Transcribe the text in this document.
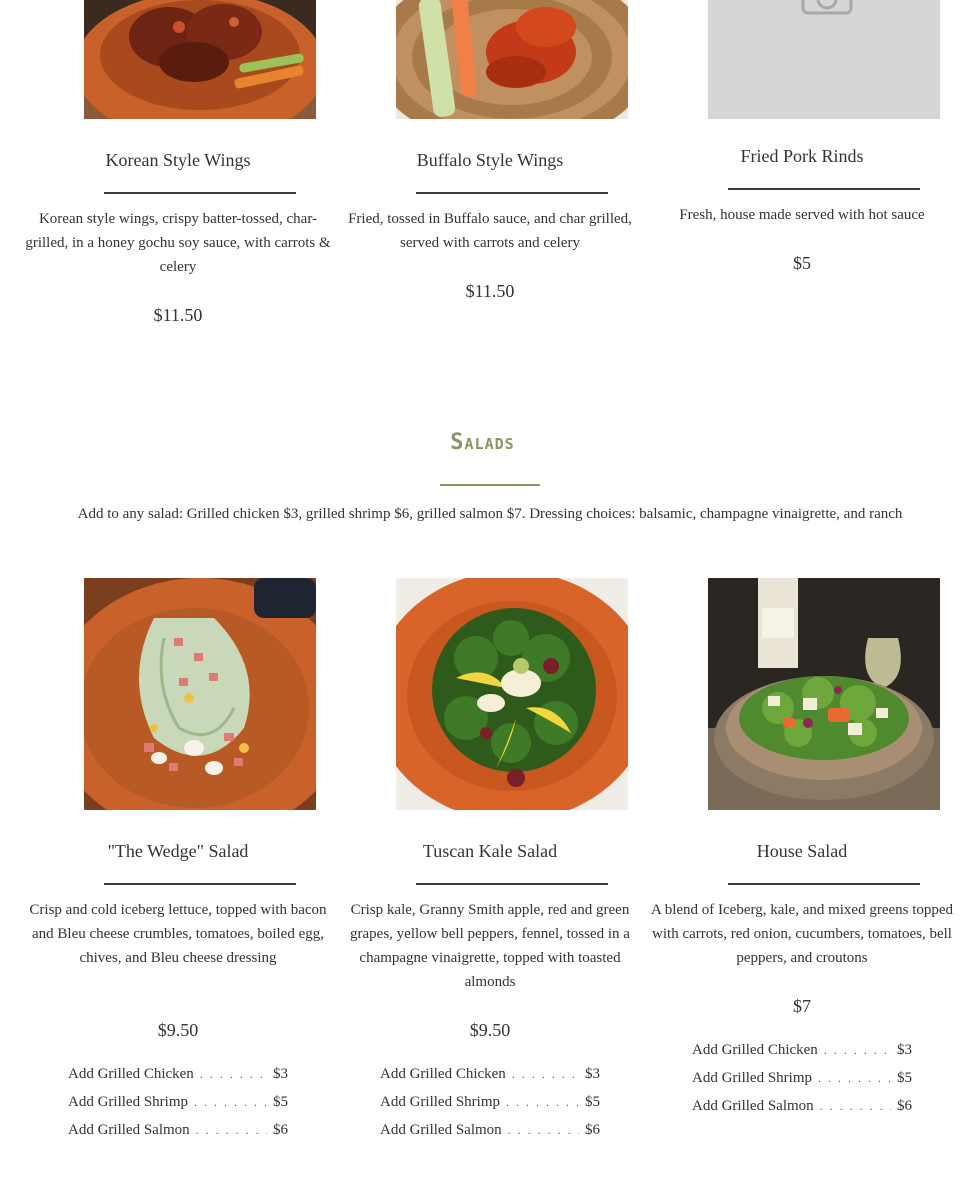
Korean Style Wings
Korean style wings, crispy batter-tossed, char-grilled, in a honey gochu soy sauce, with carrots & celery
$11.50
Buffalo Style Wings
Fried, tossed in Buffalo sauce, and char grilled, served with carrots and celery
$11.50
Fried Pork Rinds
Fresh, house made served with hot sauce
$5
Salads
Add to any salad: Grilled chicken $3, grilled shrimp $6, grilled salmon $7. Dressing choices: balsamic, champagne vinaigrette, and ranch
"The Wedge" Salad
Crisp and cold iceberg lettuce, topped with bacon and Bleu cheese crumbles, tomatoes, boiled egg, chives, and Bleu cheese dressing
$9.50
Add Grilled Chicken . . .	$3
Add Grilled Shrimp . . .	$5
Add Grilled Salmon . . .	$6
Tuscan Kale Salad
Crisp kale, Granny Smith apple, red and green grapes, yellow bell peppers, fennel, tossed in a champagne vinaigrette, topped with toasted almonds
$9.50
Add Grilled Chicken . . .	$3
Add Grilled Shrimp . . .	$5
Add Grilled Salmon . . .	$6
House Salad
A blend of Iceberg, kale, and mixed greens topped with carrots, red onion, cucumbers, tomatoes, bell peppers, and croutons
$7
Add Grilled Chicken . . .	$3
Add Grilled Shrimp . . .	$5
Add Grilled Salmon . . .	$6
